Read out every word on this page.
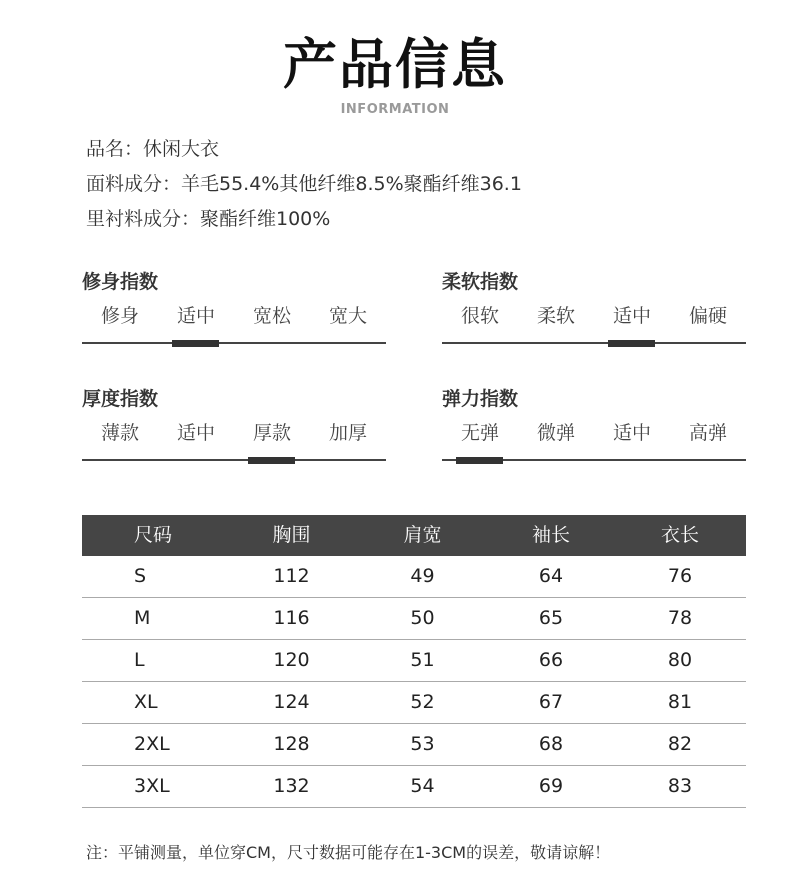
产品信息
INFORMATION
品名：休闲大衣
面料成分：羊毛55.4%其他纤维8.5%聚酯纤维36.1
里衬料成分：聚酯纤维100%
修身指数
修身	适中	宽松	宽大
柔软指数
很软	柔软	适中	偏硬
厚度指数
薄款	适中	厚款	加厚
弹力指数
无弹	微弹	适中	高弹
尺码	胸围	肩宽	袖长	衣长
S	112	49	64	76
M	116	50	65	78
L	120	51	66	80
XL	124	52	67	81
2XL	128	53	68	82
3XL	132	54	69	83
注：平铺测量，单位穿CM，尺寸数据可能存在1-3CM的误差，敬请谅解！
